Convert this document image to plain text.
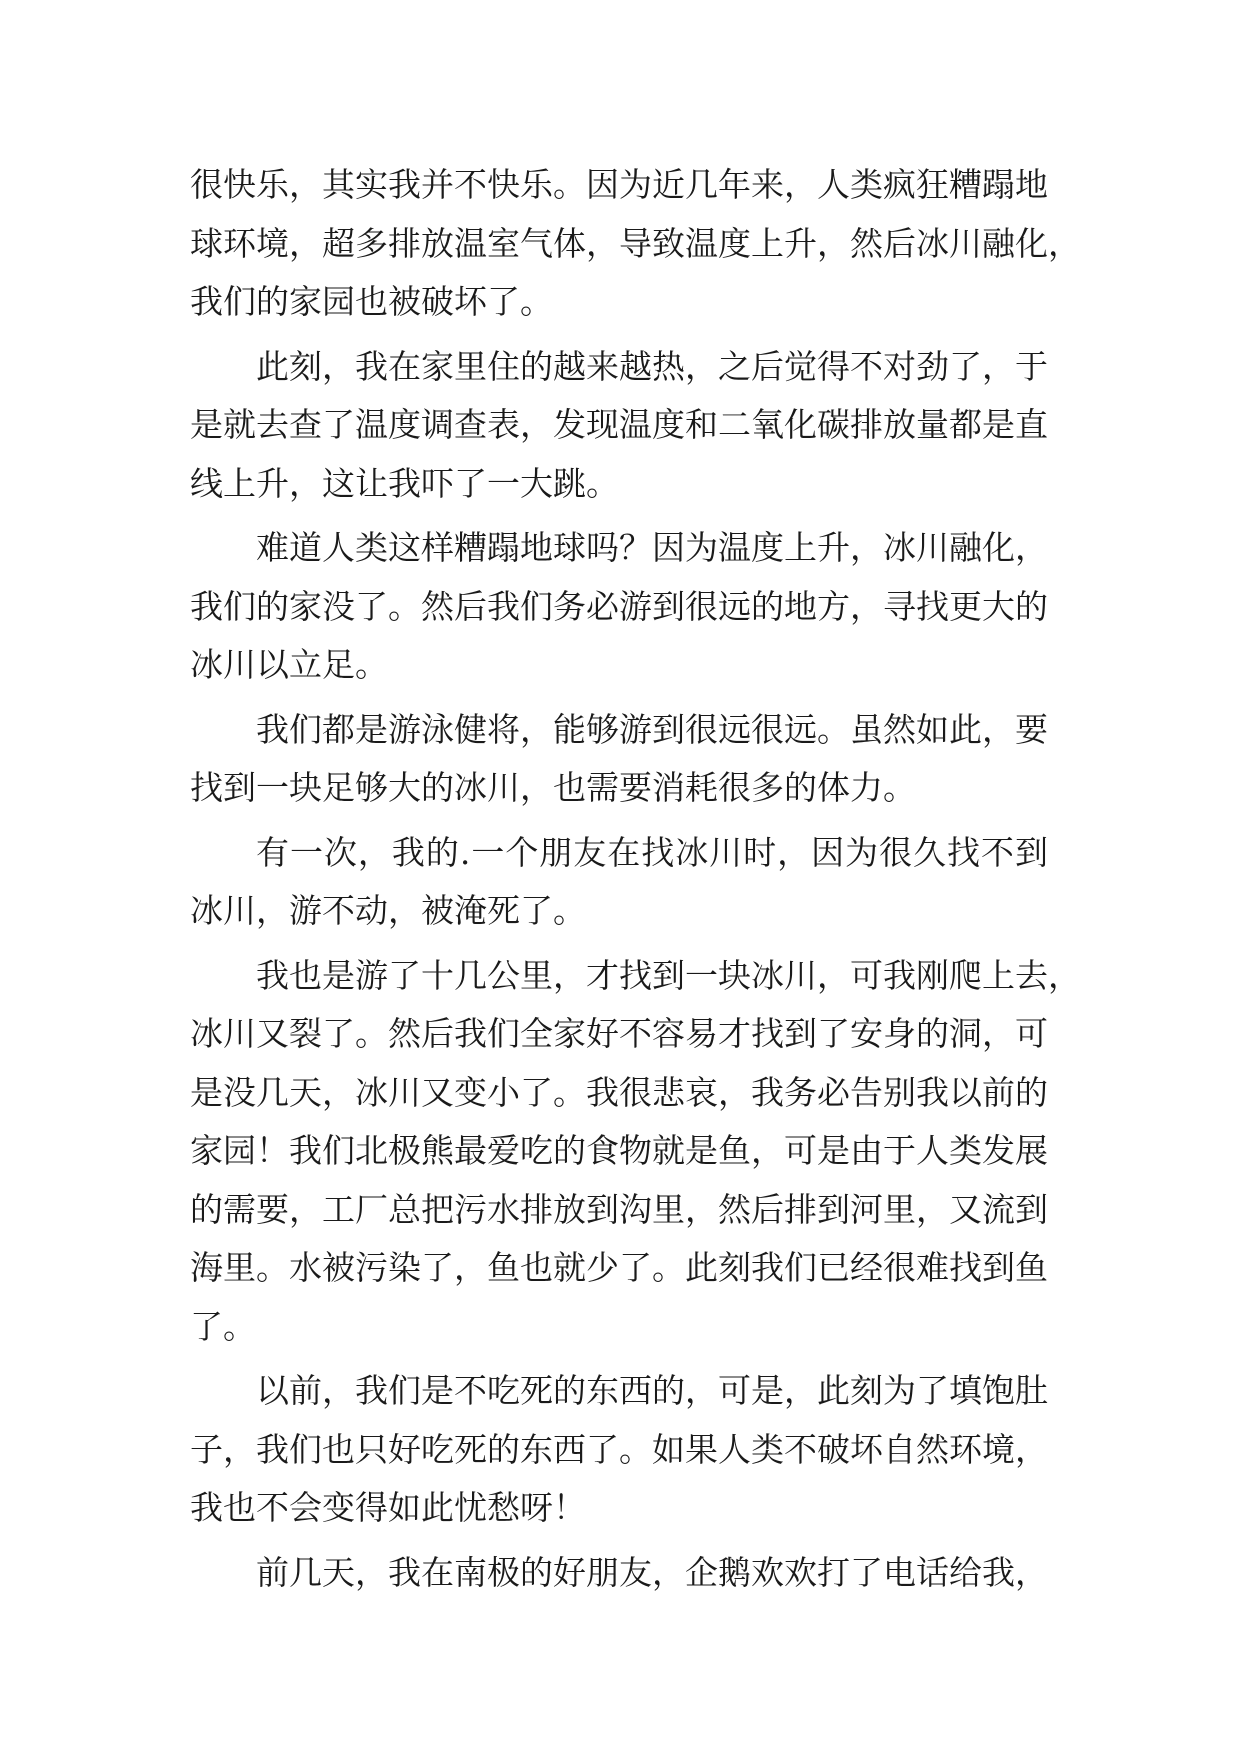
很快乐，其实我并不快乐。因为近几年来，人类疯狂糟蹋地
球环境，超多排放温室气体，导致温度上升，然后冰川融化，
我们的家园也被破坏了。
此刻，我在家里住的越来越热，之后觉得不对劲了，于
是就去查了温度调查表，发现温度和二氧化碳排放量都是直
线上升，这让我吓了一大跳。
难道人类这样糟蹋地球吗？因为温度上升，冰川融化，
我们的家没了。然后我们务必游到很远的地方，寻找更大的
冰川以立足。
我们都是游泳健将，能够游到很远很远。虽然如此，要
找到一块足够大的冰川，也需要消耗很多的体力。
有一次，我的.一个朋友在找冰川时，因为很久找不到
冰川，游不动，被淹死了。
我也是游了十几公里，才找到一块冰川，可我刚爬上去，
冰川又裂了。然后我们全家好不容易才找到了安身的洞，可
是没几天，冰川又变小了。我很悲哀，我务必告别我以前的
家园！我们北极熊最爱吃的食物就是鱼，可是由于人类发展
的需要，工厂总把污水排放到沟里，然后排到河里，又流到
海里。水被污染了，鱼也就少了。此刻我们已经很难找到鱼
了。
以前，我们是不吃死的东西的，可是，此刻为了填饱肚
子，我们也只好吃死的东西了。如果人类不破坏自然环境，
我也不会变得如此忧愁呀！
前几天，我在南极的好朋友，企鹅欢欢打了电话给我，
